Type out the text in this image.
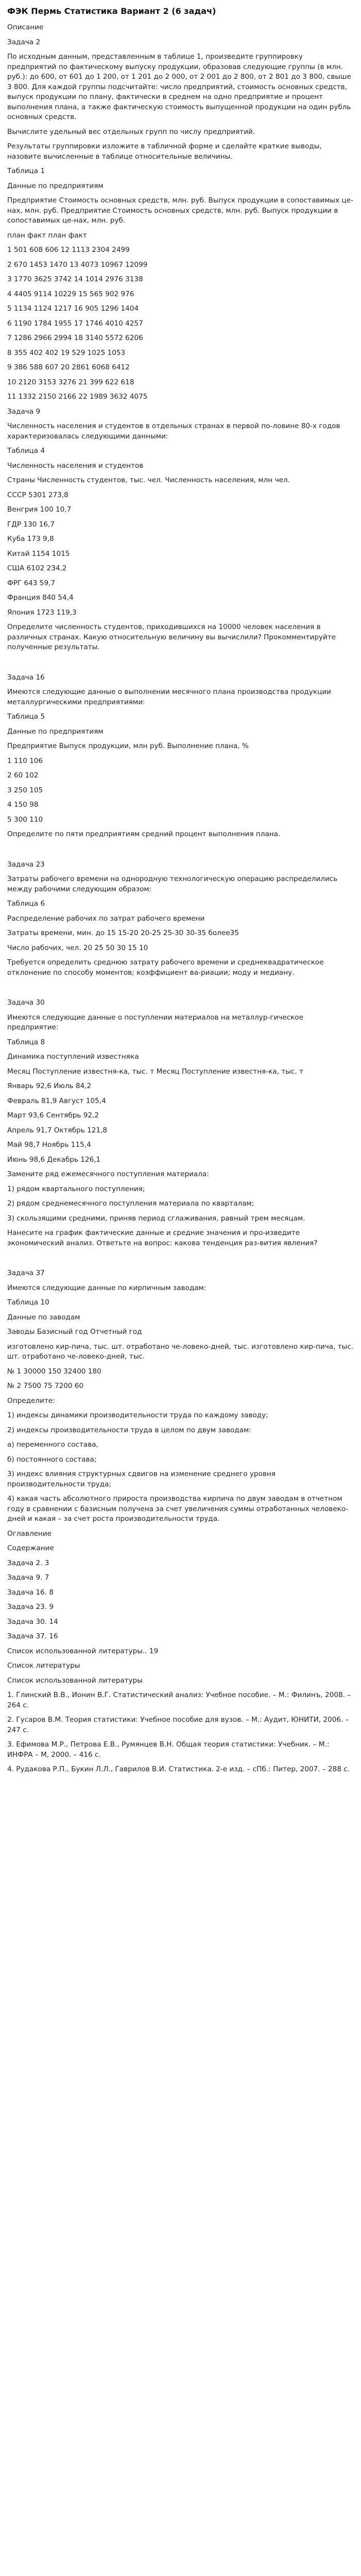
ФЭК Пермь Статистика Вариант 2 (6 задач)
Описание
Задача 2
По исходным данным, представленным в таблице 1, произведите группировку предприятий по фактическому выпуску продукции, образовав следующие группы (в млн. руб.): до 600, от 601 до 1 200, от 1 201 до 2 000, от 2 001 до 2 800, от 2 801 до 3 800, свыше 3 800. Для каждой группы подсчитайте: число предприятий, стоимость основных средств, выпуск продукции по плану, фактически в среднем на одно предприятие и процент выполнения плана, а также фактическую стоимость выпущенной продукции на один рубль основных средств.
Вычислите удельный вес отдельных групп по числу предприятий.
Результаты группировки изложите в табличной форме и сделайте краткие выводы, назовите вычисленные в таблице относительные величины.
Таблица 1
Данные по предприятиям
Предприятие Стоимость основных средств, млн. руб. Выпуск продукции в сопоставимых це-нах, млн. руб. Предприятие Стоимость основных средств, млн. руб. Выпуск продукции в сопоставимых це-нах, млн. руб.
план факт план факт
1 501 608 606 12 1113 2304 2499
2 670 1453 1470 13 4073 10967 12099
3 1770 3625 3742 14 1014 2976 3138
4 4405 9114 10229 15 565 902 976
5 1134 1124 1217 16 905 1296 1404
6 1190 1784 1955 17 1746 4010 4257
7 1286 2966 2994 18 3140 5572 6206
8 355 402 402 19 529 1025 1053
9 386 588 607 20 2861 6068 6412
10 2120 3153 3276 21 399 622 618
11 1332 2150 2166 22 1989 3632 4075
Задача 9
Численность населения и студентов в отдельных странах в первой по-ловине 80-х годов характеризовалась следующими данными:
Таблица 4
Численность населения и студентов
Страны Численность студентов, тыс. чел. Численность населения, млн чел.
СССР 5301 273,8
Венгрия 100 10,7
ГДР 130 16,7
Куба 173 9,8
Китай 1154 1015
США 6102 234,2
ФРГ 643 59,7
Франция 840 54,4
Япония 1723 119,3
Определите численность студентов, приходившихся на 10000 человек населения в различных странах. Какую относительную величину вы вычислили? Прокомментируйте полученные результаты.
Задача 16
Имеются следующие данные о выполнении месячного плана производства продукции металлургическими предприятиями:
Таблица 5
Данные по предприятиям
Предприятие Выпуск продукции, млн руб. Выполнение плана, %
1 110 106
2 60 102
3 250 105
4 150 98
5 300 110
Определите по пяти предприятиям средний процент выполнения плана.
Задача 23
Затраты рабочего времени на однородную технологическую операцию распределились между рабочими следующим образом:
Таблица 6
Распределение рабочих по затрат рабочего времени
Затраты времени, мин. до 15 15-20 20-25 25-30 30-35 более35
Число рабочих, чел. 20 25 50 30 15 10
Требуется определить среднюю затрату рабочего времени и среднеквадратическое отклонение по способу моментов; коэффициент ва-риации; моду и медиану.
Задача 30
Имеются следующие данные о поступлении материалов на металлур-гическое предприятие:
Таблица 8
Динамика поступлений известняка
Месяц Поступление известня-ка, тыс. т Месяц Поступление известня-ка, тыс. т
Январь 92,6 Июль 84,2
Февраль 81,9 Август 105,4
Март 93,6 Сентябрь 92,2
Апрель 91,7 Октябрь 121,8
Май 98,7 Ноябрь 115,4
Июнь 98,6 Декабрь 126,1
Замените ряд ежемесячного поступления материала:
1) рядом квартального поступления;
2) рядом среднемесячного поступления материала по кварталам;
3) скользящими средними, приняв период сглаживания, равный трем месяцам.
Нанесите на график фактические данные и средние значения и про-изведите экономический анализ. Ответьте на вопрос: какова тенденция раз-вития явления?
Задача 37
Имеются следующие данные по кирпичным заводам:
Таблица 10
Данные по заводам
Заводы Базисный год Отчетный год
изготовлено кир-пича, тыс. шт. отработано че-ловеко-дней, тыс. изготовлено кир-пича, тыс. шт. отработано че-ловеко-дней, тыс.
№ 1 30000 150 32400 180
№ 2 7500 75 7200 60
Определите:
1) индексы динамики производительности труда по каждому заводу;
2) индексы производительности труда в целом по двум заводам:
а) переменного состава,
б) постоянного состава;
3) индекс влияния структурных сдвигов на изменение среднего уровня производительности труда;
4) какая часть абсолютного прироста производства кирпича по двум заводам в отчетном году в сравнении с базисным получена за счет увеличения суммы отработанных человеко-дней и какая – за счет роста производительности труда.
Оглавление
Содержание
Задача 2. 3
Задача 9. 7
Задача 16. 8
Задача 23. 9
Задача 30. 14
Задача 37. 16
Список использованной литературы.. 19
Список литературы
Список использованной литературы
1. Глинский В.В., Ионин В.Г. Статистический анализ: Учебное пособие. – М.: Филинъ, 2008. – 264 с.
2. Гусаров В.М. Теория статистики: Учебное пособие для вузов. – М.: Аудит, ЮНИТИ, 2006. – 247 с.
3. Ефимова М.Р., Петрова Е.В., Румянцев В.Н. Общая теория статистики: Учебник. – М.: ИНФРА – М, 2000. – 416 с.
4. Рудакова Р.П., Букин Л.Л., Гаврилов В.И. Статистика. 2-е изд. – сПб.: Питер, 2007. – 288 с.
